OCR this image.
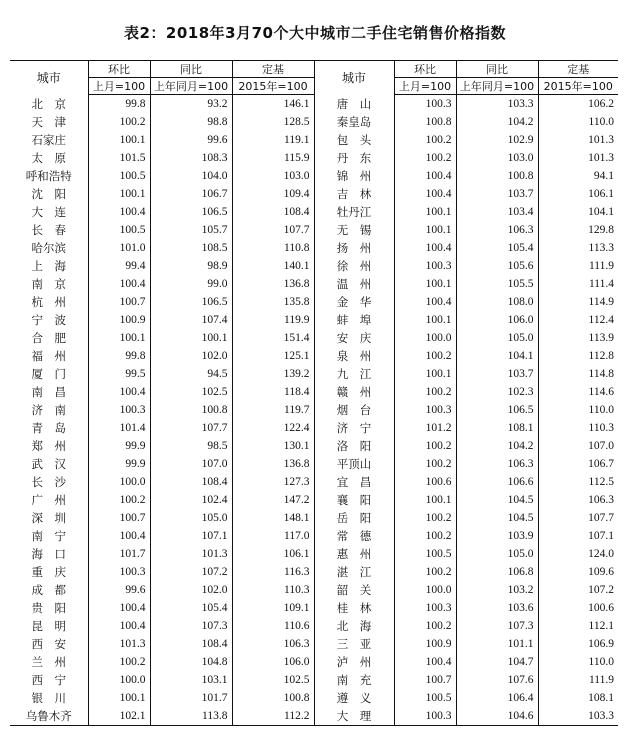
表2：2018年3月70个大中城市二手住宅销售价格指数
城市	环比	同比	定基	城市	环比	同比	定基
	上月=100	上年同月=100	2015年=100		上月=100	上年同月=100	2015年=100
北　京	99.8	93.2	146.1	唐　山	100.3	103.3	106.2
天　津	100.2	98.8	128.5	秦皇岛	100.8	104.2	110.0
石家庄	100.1	99.6	119.1	包　头	100.2	102.9	101.3
太　原	101.5	108.3	115.9	丹　东	100.2	103.0	101.3
呼和浩特	100.5	104.0	103.0	锦　州	100.4	100.8	94.1
沈　阳	100.1	106.7	109.4	吉　林	100.4	103.7	106.1
大　连	100.4	106.5	108.4	牡丹江	100.1	103.4	104.1
长　春	100.5	105.7	107.7	无　锡	100.1	106.3	129.8
哈尔滨	101.0	108.5	110.8	扬　州	100.4	105.4	113.3
上　海	99.4	98.9	140.1	徐　州	100.3	105.6	111.9
南　京	100.4	99.0	136.8	温　州	100.1	105.5	111.4
杭　州	100.7	106.5	135.8	金　华	100.4	108.0	114.9
宁　波	100.9	107.4	119.9	蚌　埠	100.1	106.0	112.4
合　肥	100.1	100.1	151.4	安　庆	100.0	105.0	113.9
福　州	99.8	102.0	125.1	泉　州	100.2	104.1	112.8
厦　门	99.5	94.5	139.2	九　江	100.1	103.7	114.8
南　昌	100.4	102.5	118.4	赣　州	100.2	102.3	114.6
济　南	100.3	100.8	119.7	烟　台	100.3	106.5	110.0
青　岛	101.4	107.7	122.4	济　宁	101.2	108.1	110.3
郑　州	99.9	98.5	130.1	洛　阳	100.2	104.2	107.0
武　汉	99.9	107.0	136.8	平顶山	100.2	106.3	106.7
长　沙	100.0	108.4	127.3	宜　昌	100.6	106.6	112.5
广　州	100.2	102.4	147.2	襄　阳	100.1	104.5	106.3
深　圳	100.7	105.0	148.1	岳　阳	100.2	104.5	107.7
南　宁	100.4	107.1	117.0	常　德	100.2	103.9	107.1
海　口	101.7	101.3	106.1	惠　州	100.5	105.0	124.0
重　庆	100.3	107.2	116.3	湛　江	100.2	106.8	109.6
成　都	99.6	102.0	110.3	韶　关	100.0	103.2	107.2
贵　阳	100.4	105.4	109.1	桂　林	100.3	103.6	100.6
昆　明	100.4	107.3	110.6	北　海	100.2	107.3	112.1
西　安	101.3	108.4	106.3	三　亚	100.9	101.1	106.9
兰　州	100.2	104.8	106.0	泸　州	100.4	104.7	110.0
西　宁	100.0	103.1	102.5	南　充	100.7	107.6	111.9
银　川	100.1	101.7	100.8	遵　义	100.5	106.4	108.1
乌鲁木齐	102.1	113.8	112.2	大　理	100.3	104.6	103.3
